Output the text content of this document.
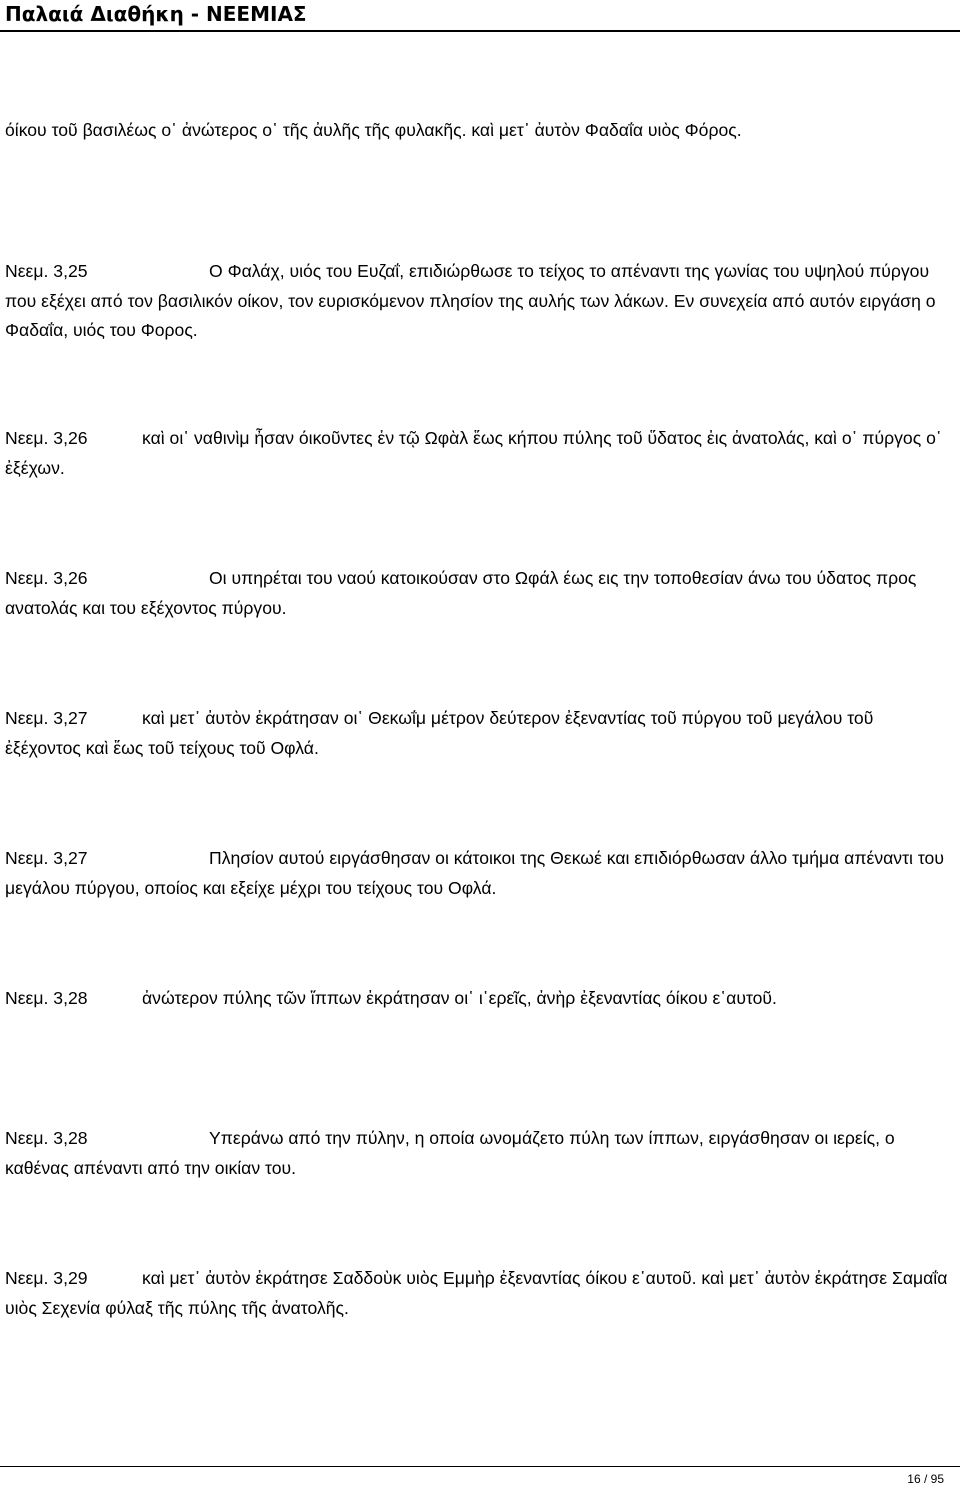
Παλαιά Διαθήκη - ΝΕΕΜΙΑΣ
όίκου τοῦ βασιλέως ο῾ ἀνώτερος ο῾ τῆς ἀυλῆς τῆς φυλακῆς. καὶ μετ᾿ ἀυτὸν Φαδαΐα υιὸς Φόρος.
Νεεμ. 3,25	Ο Φαλάχ, υιός του Ευζαΐ, επιδιώρθωσε το τείχος το απέναντι της γωνίας του υψηλού πύργου που εξέχει από τον βασιλικόν οίκον, τον ευρισκόμενον πλησίον της αυλής των λάκων. Εν συνεχεία από αυτόν ειργάση ο Φαδαΐα, υιός του Φορος.
Νεεμ. 3,26	καὶ οι῾ ναθινὶμ ἦσαν όικοῦντες ἐν τῷ Ωφὰλ ἕως κήπου πύλης τοῦ ὕδατος ἐις ἀνατολάς, καὶ ο῾ πύργος ο῾ ἐξέχων.
Νεεμ. 3,26	Οι υπηρέται του ναού κατοικούσαν στο Ωφάλ έως εις την τοποθεσίαν άνω του ύδατος προς ανατολάς και του εξέχοντος πύργου.
Νεεμ. 3,27	καὶ μετ᾿ ἀυτὸν ἐκράτησαν οι῾ Θεκωΐμ μέτρον δεύτερον ἐξεναντίας τοῦ πύργου τοῦ μεγάλου τοῦ ἐξέχοντος καὶ ἕως τοῦ τείχους τοῦ Οφλά.
Νεεμ. 3,27	Πλησίον αυτού ειργάσθησαν οι κάτοικοι της Θεκωέ και επιδιόρθωσαν άλλο τμήμα απέναντι του μεγάλου πύργου, οποίος και εξείχε μέχρι του τείχους του Οφλά.
Νεεμ. 3,28	ἀνώτερον πύλης τῶν ἵππων ἐκράτησαν οι῾ ι῾ερεῖς, ἀνὴρ ἐξεναντίας όίκου ε῾αυτοῦ.
Νεεμ. 3,28	Υπεράνω από την πύλην, η οποία ωνομάζετο πύλη των ίππων, ειργάσθησαν οι ιερείς, ο καθένας απέναντι από την οικίαν του.
Νεεμ. 3,29	καὶ μετ᾿ ἀυτὸν ἐκράτησε Σαδδοὺκ υιὸς Εμμὴρ ἐξεναντίας όίκου ε῾αυτοῦ. καὶ μετ᾿ ἀυτὸν ἐκράτησε Σαμαΐα υιὸς Σεχενία φύλαξ τῆς πύλης τῆς ἀνατολῆς.
16 / 95
